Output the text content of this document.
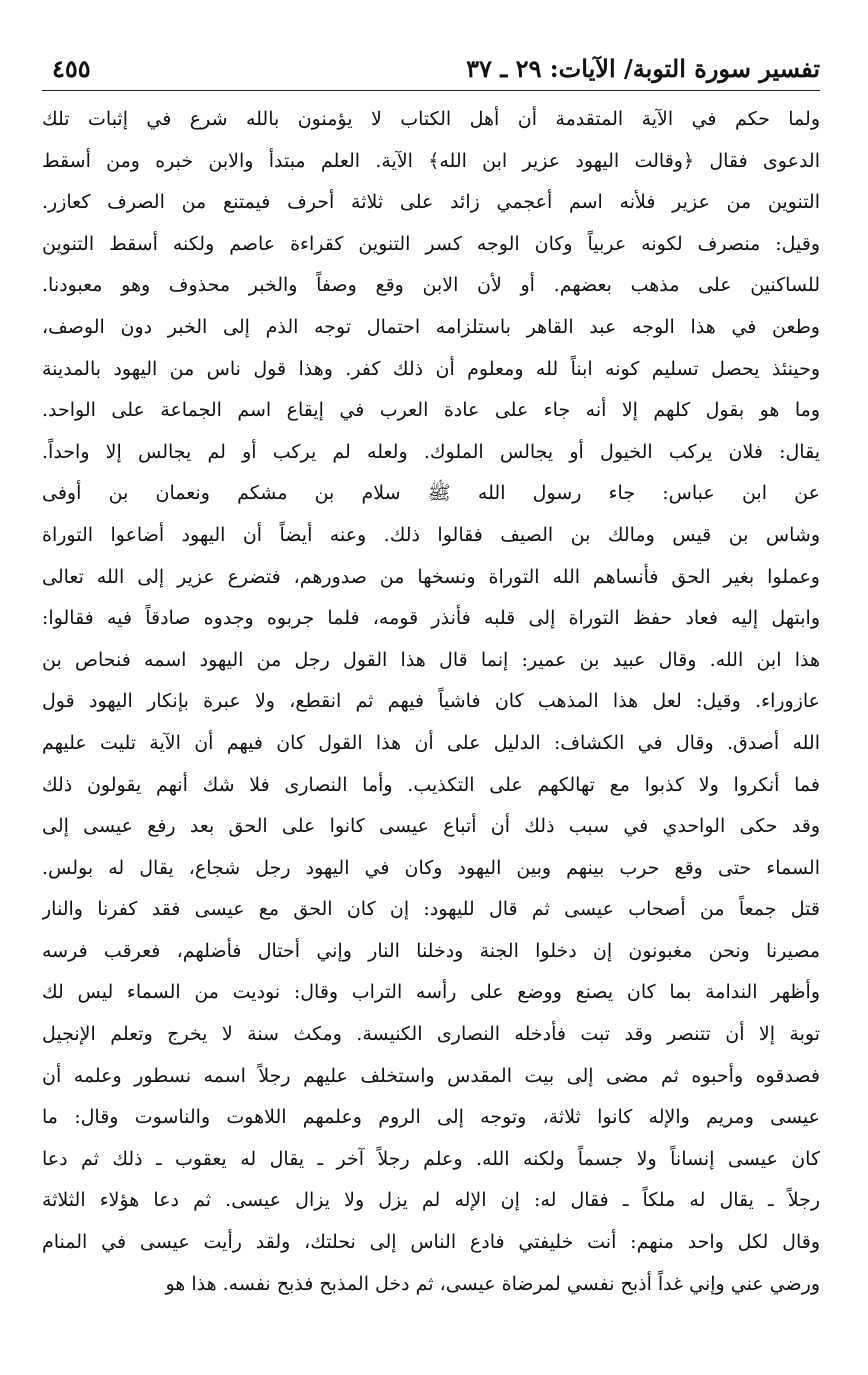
تفسير سورة التوبة/ الآيات: ٢٩ ـ ٣٧
٤٥٥
ولما حكم في الآية المتقدمة أن أهل الكتاب لا يؤمنون بالله شرع في إثبات تلك
الدعوى فقال ﴿وقالت اليهود عزير ابن الله﴾ الآية. العلم مبتدأ والابن خبره ومن أسقط
التنوين من عزير فلأنه اسم أعجمي زائد على ثلاثة أحرف فيمتنع من الصرف كعازر.
وقيل: منصرف لكونه عربياً وكان الوجه كسر التنوين كقراءة عاصم ولكنه أسقط التنوين
للساكنين على مذهب بعضهم. أو لأن الابن وقع وصفاً والخبر محذوف وهو معبودنا.
وطعن في هذا الوجه عبد القاهر باستلزامه احتمال توجه الذم إلى الخبر دون الوصف،
وحينئذ يحصل تسليم كونه ابناً لله ومعلوم أن ذلك كفر. وهذا قول ناس من اليهود بالمدينة
وما هو بقول كلهم إلا أنه جاء على عادة العرب في إيقاع اسم الجماعة على الواحد.
يقال: فلان يركب الخيول أو يجالس الملوك. ولعله لم يركب أو لم يجالس إلا واحداً.
عن ابن عباس: جاء رسول الله ﷺ سلام بن مشكم ونعمان بن أوفى
وشاس بن قيس ومالك بن الصيف فقالوا ذلك. وعنه أيضاً أن اليهود أضاعوا التوراة
وعملوا بغير الحق فأنساهم الله التوراة ونسخها من صدورهم، فتضرع عزير إلى الله تعالى
وابتهل إليه فعاد حفظ التوراة إلى قلبه فأنذر قومه، فلما جربوه وجدوه صادقاً فيه فقالوا:
هذا ابن الله. وقال عبيد بن عمير: إنما قال هذا القول رجل من اليهود اسمه فنحاص بن
عازوراء. وقيل: لعل هذا المذهب كان فاشياً فيهم ثم انقطع، ولا عبرة بإنكار اليهود قول
الله أصدق. وقال في الكشاف: الدليل على أن هذا القول كان فيهم أن الآية تليت عليهم
فما أنكروا ولا كذبوا مع تهالكهم على التكذيب. وأما النصارى فلا شك أنهم يقولون ذلك
وقد حكى الواحدي في سبب ذلك أن أتباع عيسى كانوا على الحق بعد رفع عيسى إلى
السماء حتى وقع حرب بينهم وبين اليهود وكان في اليهود رجل شجاع، يقال له بولس.
قتل جمعاً من أصحاب عيسى ثم قال لليهود: إن كان الحق مع عيسى فقد كفرنا والنار
مصيرنا ونحن مغبونون إن دخلوا الجنة ودخلنا النار وإني أحتال فأضلهم، فعرقب فرسه
وأظهر الندامة بما كان يصنع ووضع على رأسه التراب وقال: نوديت من السماء ليس لك
توبة إلا أن تتنصر وقد تبت فأدخله النصارى الكنيسة. ومكث سنة لا يخرج وتعلم الإنجيل
فصدقوه وأحبوه ثم مضى إلى بيت المقدس واستخلف عليهم رجلاً اسمه نسطور وعلمه أن
عيسى ومريم والإله كانوا ثلاثة، وتوجه إلى الروم وعلمهم اللاهوت والناسوت وقال: ما
كان عيسى إنساناً ولا جسماً ولكنه الله. وعلم رجلاً آخر ـ يقال له يعقوب ـ ذلك ثم دعا
رجلاً ـ يقال له ملكاً ـ فقال له: إن الإله لم يزل ولا يزال عيسى. ثم دعا هؤلاء الثلاثة
وقال لكل واحد منهم: أنت خليفتي فادع الناس إلى نحلتك، ولقد رأيت عيسى في المنام
ورضي عني وإني غداً أذبح نفسي لمرضاة عيسى، ثم دخل المذبح فذبح نفسه. هذا هو
